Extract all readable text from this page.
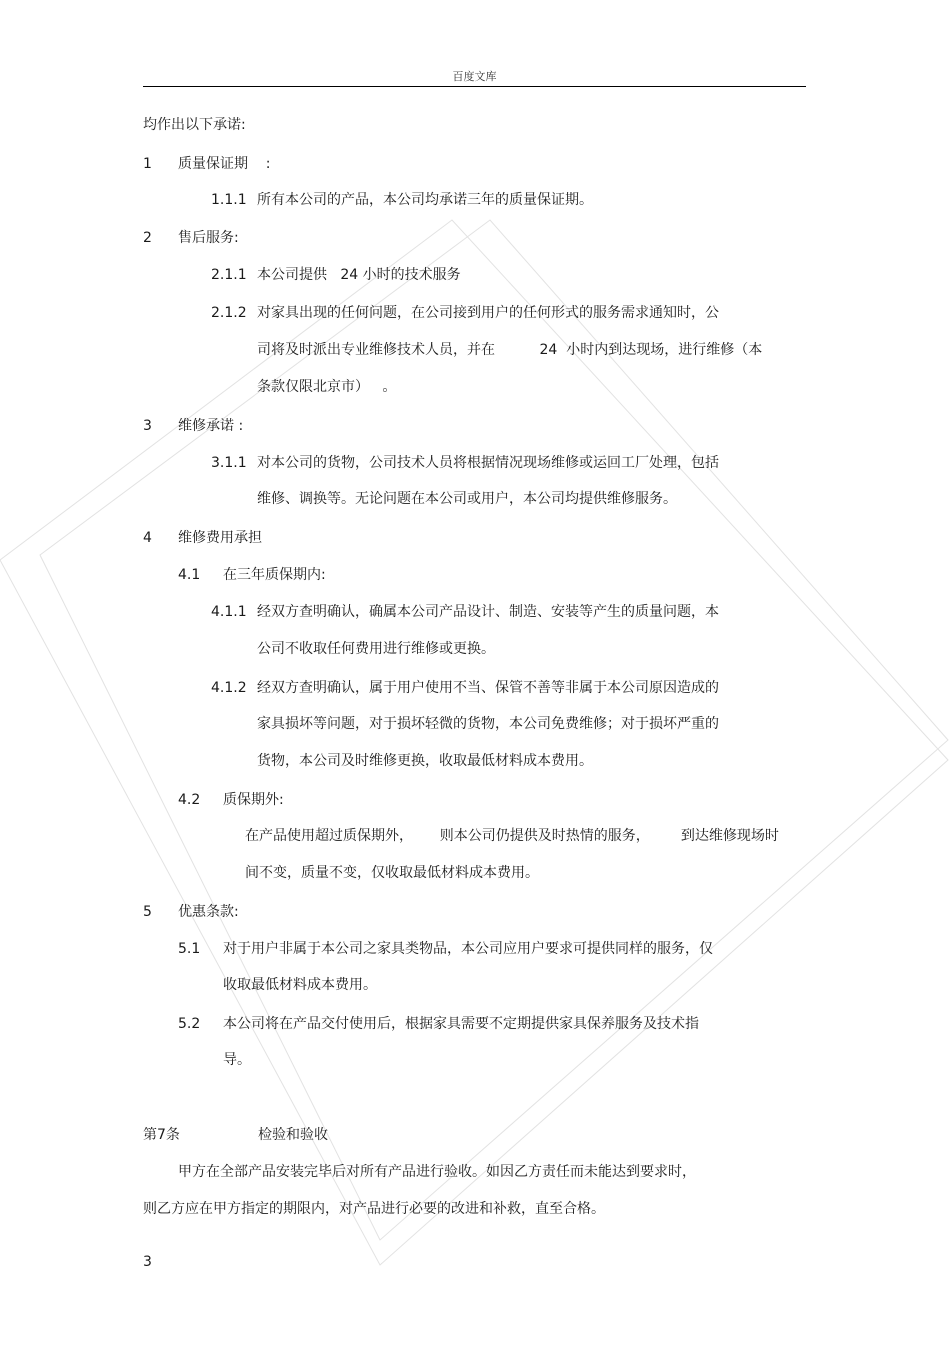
百度文库
均作出以下承诺:
1 质量保证期    :
1.1.1 所有本公司的产品，本公司均承诺三年的质量保证期。
2 售后服务:
2.1.1 本公司提供   24 小时的技术服务
2.1.2 对家具出现的任何问题，在公司接到用户的任何形式的服务需求通知时，公
司将及时派出专业维修技术人员，并在          24  小时内到达现场，进行维修（本
条款仅限北京市）   。
3 维修承诺 :
3.1.1 对本公司的货物，公司技术人员将根据情况现场维修或运回工厂处理，包括
维修、调换等。无论问题在本公司或用户，本公司均提供维修服务。
4 维修费用承担
4.1 在三年质保期内:
4.1.1 经双方查明确认，确属本公司产品设计、制造、安装等产生的质量问题，本
公司不收取任何费用进行维修或更换。
4.1.2 经双方查明确认，属于用户使用不当、保管不善等非属于本公司原因造成的
家具损坏等问题，对于损坏轻微的货物，本公司免费维修；对于损坏严重的
货物，本公司及时维修更换，收取最低材料成本费用。
4.2 质保期外:
在产品使用超过质保期外，      则本公司仍提供及时热情的服务，       到达维修现场时
间不变，质量不变，仅收取最低材料成本费用。
5 优惠条款:
5.1 对于用户非属于本公司之家具类物品，本公司应用户要求可提供同样的服务，仅
收取最低材料成本费用。
5.2 本公司将在产品交付使用后，根据家具需要不定期提供家具保养服务及技术指
导。
第7条	检验和验收
甲方在全部产品安装完毕后对所有产品进行验收。如因乙方责任而未能达到要求时，
则乙方应在甲方指定的期限内，对产品进行必要的改进和补救，直至合格。
3
